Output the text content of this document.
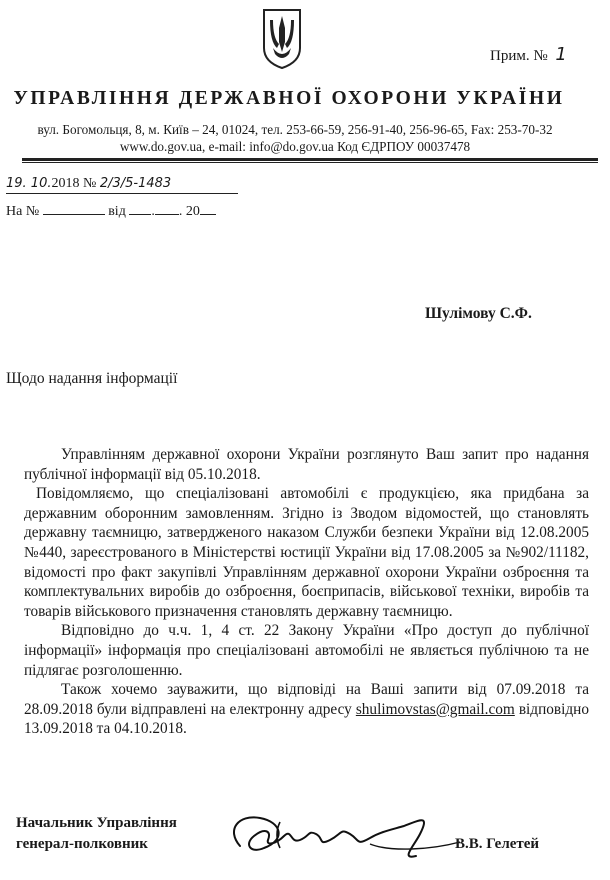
Прим. № 1
УПРАВЛІННЯ ДЕРЖАВНОЇ ОХОРОНИ УКРАЇНИ
вул. Богомольця, 8, м. Київ – 24, 01024, тел. 253-66-59, 256-91-40, 256-96-65, Fax: 253-70-32
www.do.gov.ua, e-mail: info@do.gov.ua Код ЄДРПОУ 00037478
19. 10.2018 № 2/3/5-1483
На №	від . . 20
Шулімову С.Ф.
Щодо надання інформації

Управлінням державної охорони України розглянуто Ваш запит про надання публічної інформації від 05.10.2018.

Повідомляємо, що спеціалізовані автомобілі є продукцією, яка придбана за державним оборонним замовленням. Згідно із Зводом відомостей, що становлять державну таємницю, затвердженого наказом Служби безпеки України від 12.08.2005 №440, зареєстрованого в Міністерстві юстиції України від 17.08.2005 за №902/11182, відомості про факт закупівлі Управлінням державної охорони України озброєння та комплектувальних виробів до озброєння, боєприпасів, військової техніки, виробів та товарів військового призначення становлять державну таємницю.

Відповідно до ч.ч. 1, 4 ст. 22 Закону України «Про доступ до публічної інформації» інформація про спеціалізовані автомобілі не являється публічною та не підлягає розголошенню.

Також хочемо зауважити, що відповіді на Ваші запити від 07.09.2018 та 28.09.2018 були відправлені на електронну адресу shulimovstas@gmail.com відповідно 13.09.2018 та 04.10.2018.

Начальник Управління
генерал-полковник	В.В. Гелетей
